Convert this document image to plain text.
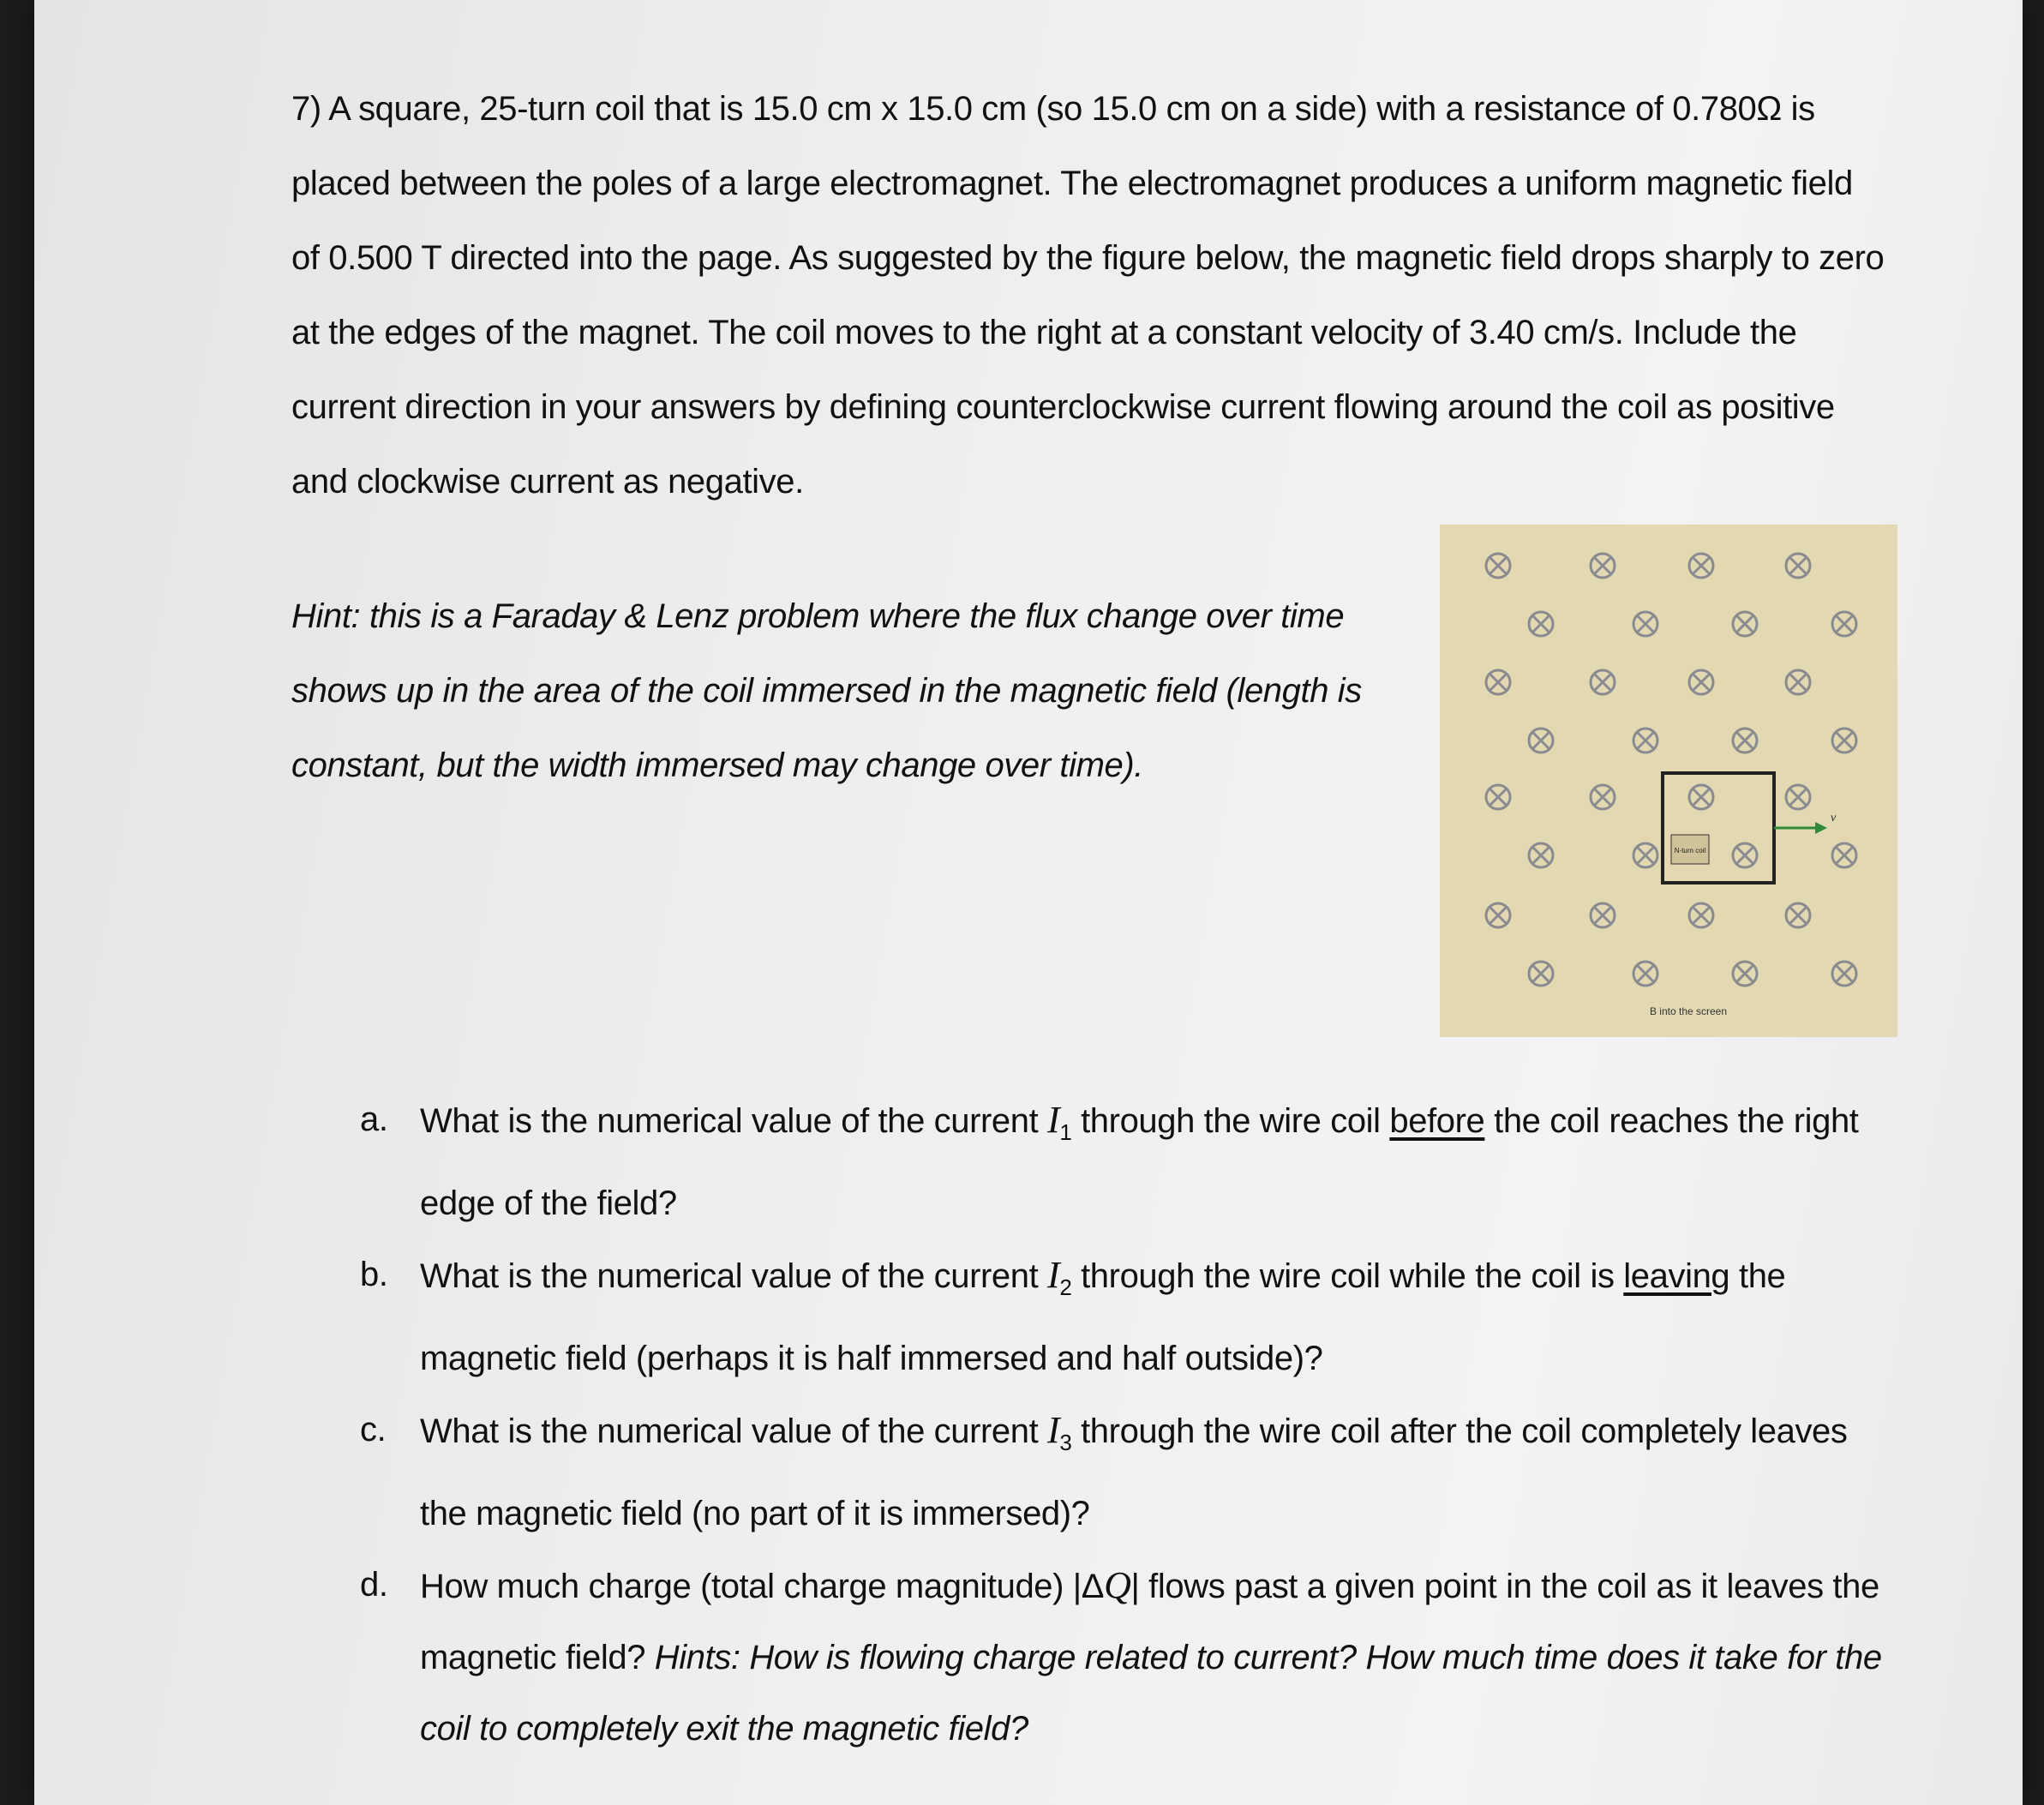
7) A square, 25-turn coil that is 15.0 cm x 15.0 cm (so 15.0 cm on a side) with a resistance of 0.780Ω is placed between the poles of a large electromagnet. The electromagnet produces a uniform magnetic field of 0.500 T directed into the page. As suggested by the figure below, the magnetic field drops sharply to zero at the edges of the magnet. The coil moves to the right at a constant velocity of 3.40 cm/s. Include the current direction in your answers by defining counterclockwise current flowing around the coil as positive and clockwise current as negative.
Hint: this is a Faraday & Lenz problem where the flux change over time shows up in the area of the coil immersed in the magnetic field (length is constant, but the width immersed may change over time).
N-turn coil
v
B into the screen
a. What is the numerical value of the current $I_1$ through the wire coil before the coil reaches the right edge of the field?
b. What is the numerical value of the current $I_2$ through the wire coil while the coil is leaving the magnetic field (perhaps it is half immersed and half outside)?
c. What is the numerical value of the current $I_3$ through the wire coil after the coil completely leaves the magnetic field (no part of it is immersed)?
d. How much charge (total charge magnitude) |ΔQ| flows past a given point in the coil as it leaves the magnetic field? Hints: How is flowing charge related to current? How much time does it take for the coil to completely exit the magnetic field?
